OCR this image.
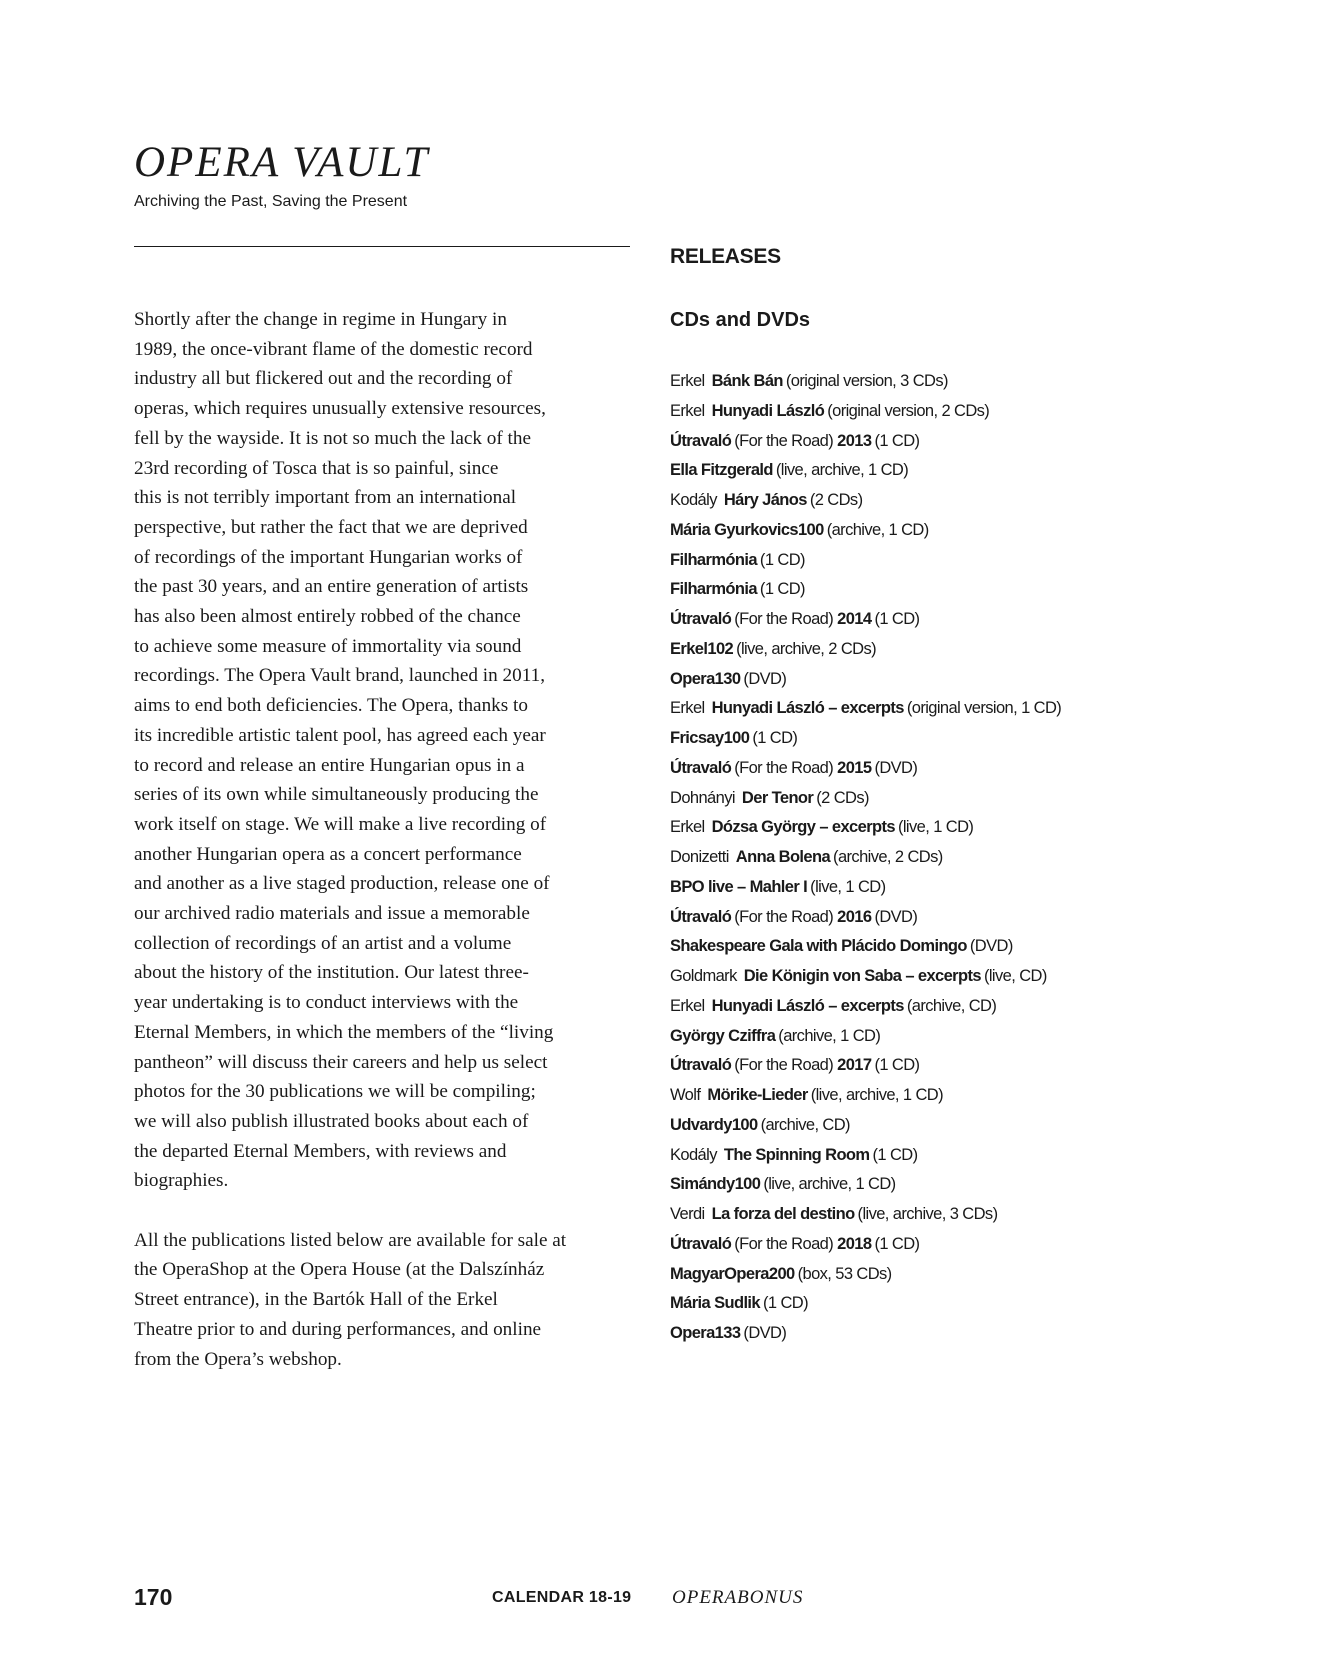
OPERA VAULT
Archiving the Past, Saving the Present

Shortly after the change in regime in Hungary in
1989, the once-vibrant flame of the domestic record
industry all but flickered out and the recording of
operas, which requires unusually extensive resources,
fell by the wayside. It is not so much the lack of the
23rd recording of Tosca that is so painful, since
this is not terribly important from an international
perspective, but rather the fact that we are deprived
of recordings of the important Hungarian works of
the past 30 years, and an entire generation of artists
has also been almost entirely robbed of the chance
to achieve some measure of immortality via sound
recordings. The Opera Vault brand, launched in 2011,
aims to end both deficiencies. The Opera, thanks to
its incredible artistic talent pool, has agreed each year
to record and release an entire Hungarian opus in a
series of its own while simultaneously producing the
work itself on stage. We will make a live recording of
another Hungarian opera as a concert performance
and another as a live staged production, release one of
our archived radio materials and issue a memorable
collection of recordings of an artist and a volume
about the history of the institution. Our latest three-
year undertaking is to conduct interviews with the
Eternal Members, in which the members of the “living
pantheon” will discuss their careers and help us select
photos for the 30 publications we will be compiling;
we will also publish illustrated books about each of
the departed Eternal Members, with reviews and
biographies.

All the publications listed below are available for sale at
the OperaShop at the Opera House (at the Dalszínház
Street entrance), in the Bartók Hall of the Erkel
Theatre prior to and during performances, and online
from the Opera’s webshop.

RELEASES
CDs and DVDs
Erkel Bánk Bán (original version, 3 CDs)
Erkel Hunyadi László (original version, 2 CDs)
Útravaló (For the Road) 2013 (1 CD)
Ella Fitzgerald (live, archive, 1 CD)
Kodály Háry János (2 CDs)
Mária Gyurkovics100 (archive, 1 CD)
Filharmónia (1 CD)
Filharmónia (1 CD)
Útravaló (For the Road) 2014 (1 CD)
Erkel102 (live, archive, 2 CDs)
Opera130 (DVD)
Erkel Hunyadi László – excerpts (original version, 1 CD)
Fricsay100 (1 CD)
Útravaló (For the Road) 2015 (DVD)
Dohnányi Der Tenor (2 CDs)
Erkel Dózsa György – excerpts (live, 1 CD)
Donizetti Anna Bolena (archive, 2 CDs)
BPO live – Mahler I (live, 1 CD)
Útravaló (For the Road) 2016 (DVD)
Shakespeare Gala with Plácido Domingo (DVD)
Goldmark Die Königin von Saba – excerpts (live, CD)
Erkel Hunyadi László – excerpts (archive, CD)
György Cziffra (archive, 1 CD)
Útravaló (For the Road) 2017 (1 CD)
Wolf Mörike-Lieder (live, archive, 1 CD)
Udvardy100 (archive, CD)
Kodály The Spinning Room (1 CD)
Simándy100 (live, archive, 1 CD)
Verdi La forza del destino (live, archive, 3 CDs)
Útravaló (For the Road) 2018 (1 CD)
MagyarOpera200 (box, 53 CDs)
Mária Sudlik (1 CD)
Opera133 (DVD)
170	CALENDAR 18-19 OPERABONUS
